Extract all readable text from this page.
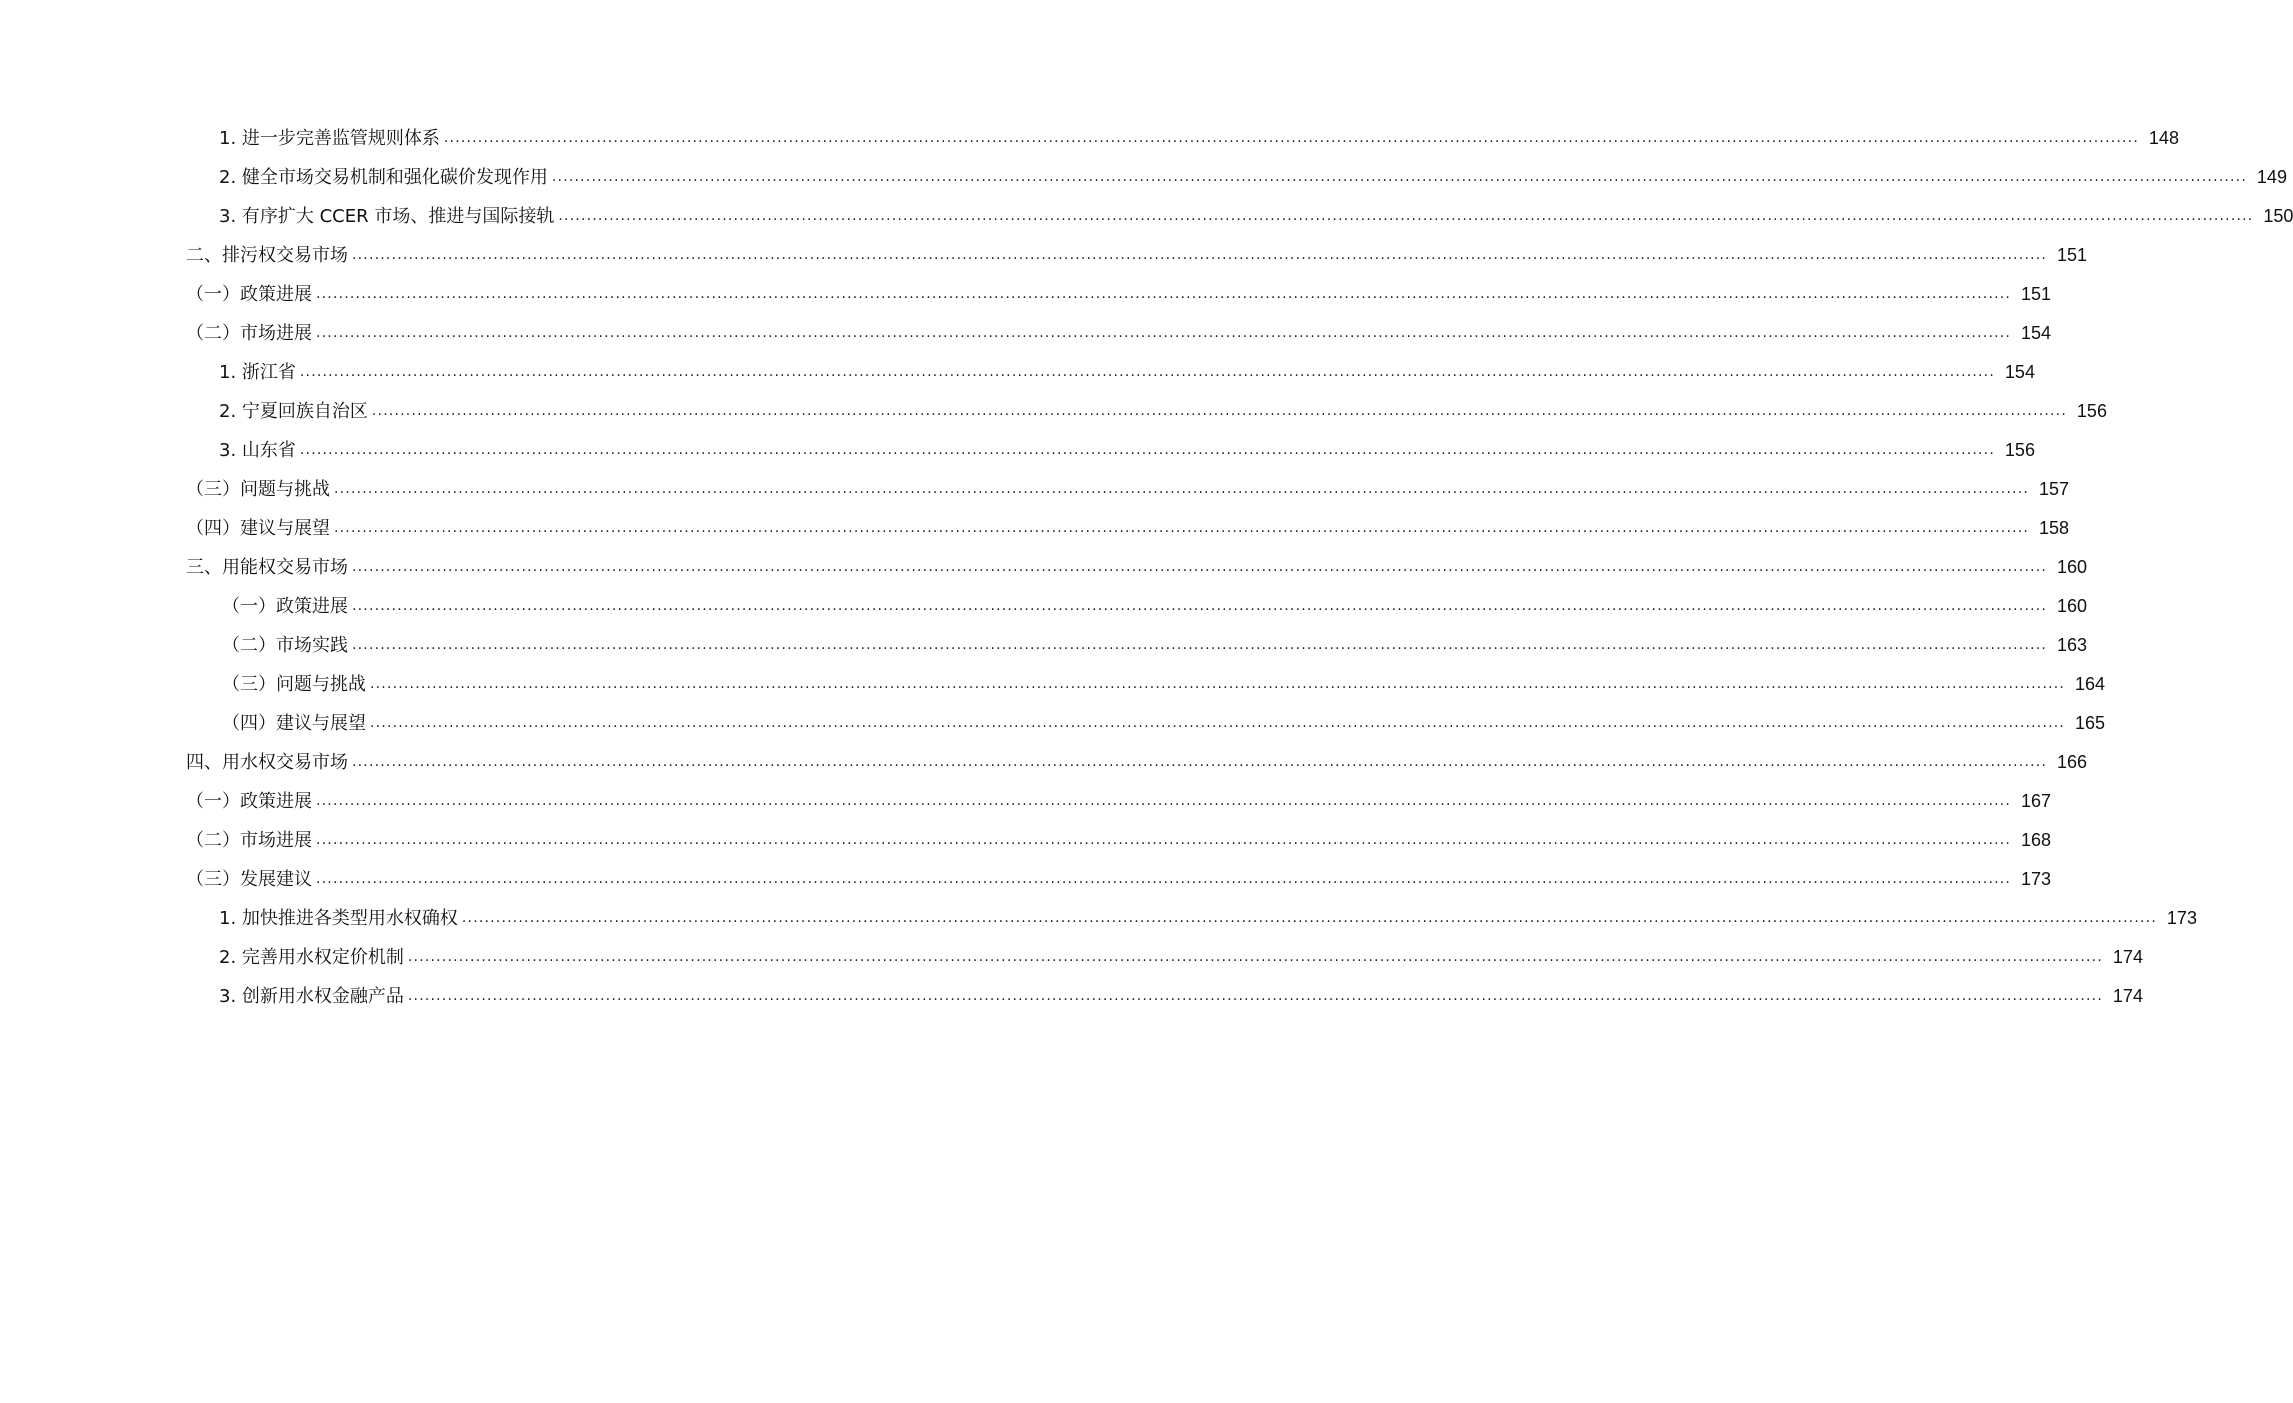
1. 进一步完善监管规则体系 ............................................................................................................................................................................................................................................................................................................ 148
2. 健全市场交易机制和强化碳价发现作用 ............................................................................................................................................................................................................................................................................................................ 149
3. 有序扩大 CCER 市场、推进与国际接轨 ............................................................................................................................................................................................................................................................................................................ 150
二、排污权交易市场 ............................................................................................................................................................................................................................................................................................................ 151
（一）政策进展 ............................................................................................................................................................................................................................................................................................................ 151
（二）市场进展 ............................................................................................................................................................................................................................................................................................................ 154
1. 浙江省 ............................................................................................................................................................................................................................................................................................................ 154
2. 宁夏回族自治区 ............................................................................................................................................................................................................................................................................................................ 156
3. 山东省 ............................................................................................................................................................................................................................................................................................................ 156
（三）问题与挑战 ............................................................................................................................................................................................................................................................................................................ 157
（四）建议与展望 ............................................................................................................................................................................................................................................................................................................ 158
三、用能权交易市场 ............................................................................................................................................................................................................................................................................................................ 160
（一）政策进展 ............................................................................................................................................................................................................................................................................................................ 160
（二）市场实践 ............................................................................................................................................................................................................................................................................................................ 163
（三）问题与挑战 ............................................................................................................................................................................................................................................................................................................ 164
（四）建议与展望 ............................................................................................................................................................................................................................................................................................................ 165
四、用水权交易市场 ............................................................................................................................................................................................................................................................................................................ 166
（一）政策进展 ............................................................................................................................................................................................................................................................................................................ 167
（二）市场进展 ............................................................................................................................................................................................................................................................................................................ 168
（三）发展建议 ............................................................................................................................................................................................................................................................................................................ 173
1. 加快推进各类型用水权确权 ............................................................................................................................................................................................................................................................................................................ 173
2. 完善用水权定价机制 ............................................................................................................................................................................................................................................................................................................ 174
3. 创新用水权金融产品 ............................................................................................................................................................................................................................................................................................................ 174
